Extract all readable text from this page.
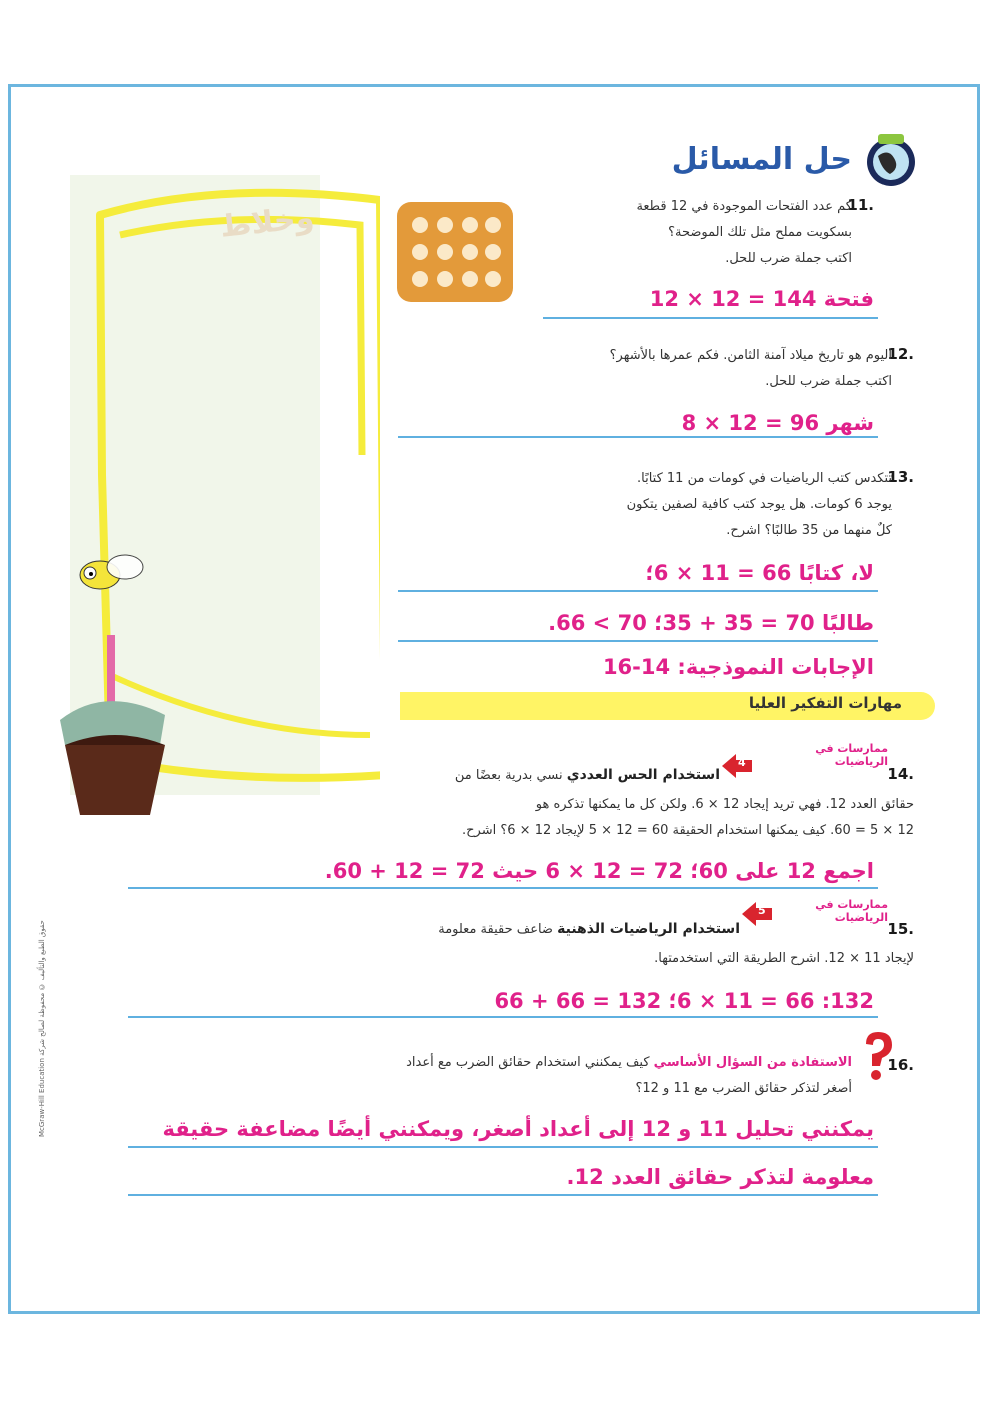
وخلاط
حل المسائل
11.
كم عدد الفتحات الموجودة في 12 قطعة
بسكويت مملح مثل تلك الموضحة؟
اكتب جملة ضرب للحل.
فتحة 144 = 12 × 12
12.
اليوم هو تاريخ ميلاد آمنة الثامن. فكم عمرها بالأشهر؟
اكتب جملة ضرب للحل.
شهر 96 = 12 × 8
13.
تتكدس كتب الرياضيات في كومات من 11 كتابًا.
يوجد 6 كومات. هل يوجد كتب كافية لصفين يتكون
كلٌ منهما من 35 طالبًا؟ اشرح.
لا، كتابًا 66 = 11 × 6؛
طالبًا 70 = 35 + 35؛ 70 > 66.
الإجابات النموذجية: 14-16
مهارات التفكير العليا
14.
ممارسات في الرياضيات
4
استخدام الحس العددي نسي بدرية بعضًا من
حقائق العدد 12. فهي تريد إيجاد 12 × 6. ولكن كل ما يمكنها تذكره هو
12 × 5 = 60. كيف يمكنها استخدام الحقيقة 60 = 12 × 5 لإيجاد 12 × 6؟ اشرح.
اجمع 12 على 60؛ 72 = 12 × 6 حيث 72 = 12 + 60.
15.
ممارسات في الرياضيات
5
استخدام الرياضيات الذهنية ضاعف حقيقة معلومة
لإيجاد 11 × 12. اشرح الطريقة التي استخدمتها.
132: 66 = 11 × 6؛ 132 = 66 + 66
16.
الاستفادة من السؤال الأساسي كيف يمكنني استخدام حقائق الضرب مع أعداد
أصغر لتذكر حقائق الضرب مع 11 و 12؟
يمكنني تحليل 11 و 12 إلى أعداد أصغر، ويمكنني أيضًا مضاعفة حقيقة
معلومة لتذكر حقائق العدد 12.
حقوق الطبع والتأليف © محفوظة لصالح شركة McGraw-Hill Education
